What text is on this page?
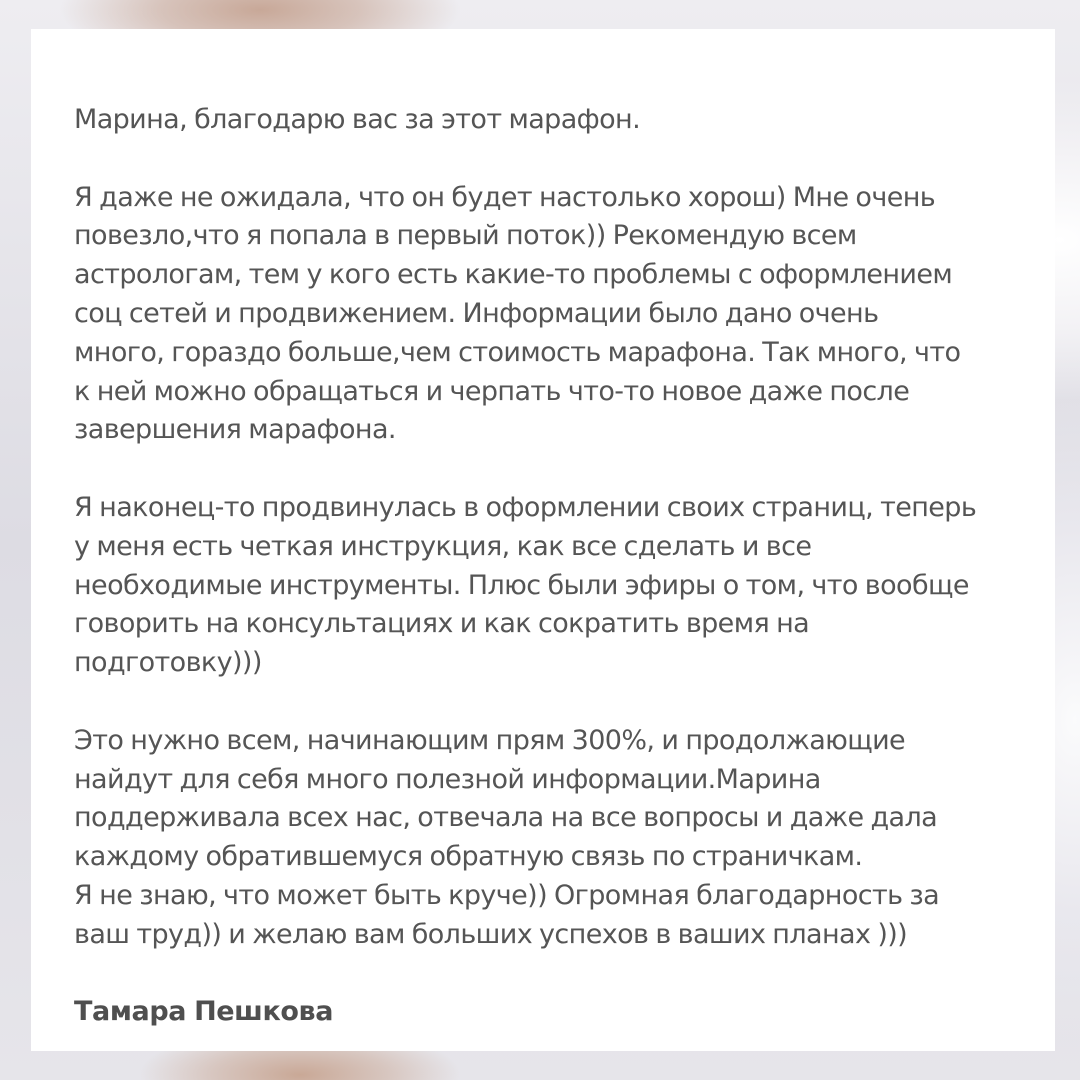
Марина, благодарю вас за этот марафон.

Я даже не ожидала, что он будет настолько хорош) Мне очень
повезло,что я попала в первый поток)) Рекомендую всем
астрологам, тем у кого есть какие-то проблемы с оформлением
соц сетей и продвижением. Информации было дано очень
много, гораздо больше,чем стоимость марафона. Так много, что
к ней можно обращаться и черпать что-то новое даже после
завершения марафона.

Я наконец-то продвинулась в оформлении своих страниц, теперь
у меня есть четкая инструкция, как все сделать и все
необходимые инструменты. Плюс были эфиры о том, что вообще
говорить на консультациях и как сократить время на
подготовку)))

Это нужно всем, начинающим прям 300%, и продолжающие
найдут для себя много полезной информации.Марина
поддерживала всех нас, отвечала на все вопросы и даже дала
каждому обратившемуся обратную связь по страничкам.
Я не знаю, что может быть круче)) Огромная благодарность за
ваш труд)) и желаю вам больших успехов в ваших планах )))

Тамара Пешкова
